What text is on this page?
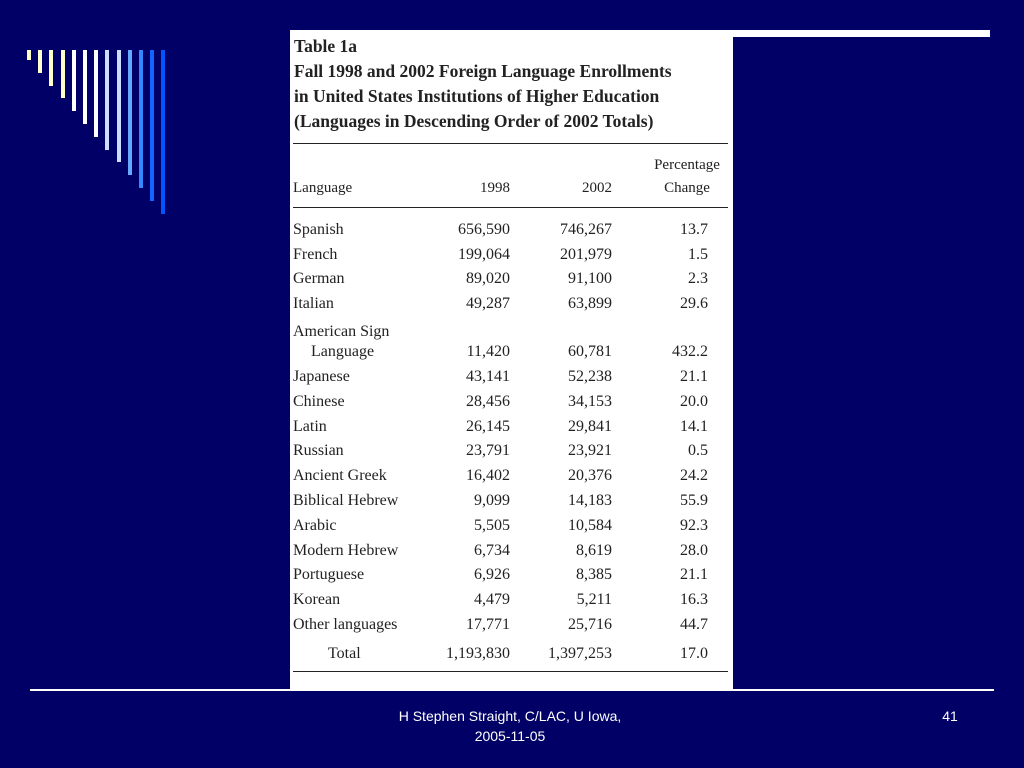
Table 1a
Fall 1998 and 2002 Foreign Language Enrollments
in United States Institutions of Higher Education
(Languages in Descending Order of 2002 Totals)
Language	1998	2002
Percentage
Change
Spanish	656,590	746,267	13.7
French	199,064	201,979	1.5
German	89,020	91,100	2.3
Italian	49,287	63,899	29.6
American Sign
Language	11,420	60,781	432.2
Japanese	43,141	52,238	21.1
Chinese	28,456	34,153	20.0
Latin	26,145	29,841	14.1
Russian	23,791	23,921	0.5
Ancient Greek	16,402	20,376	24.2
Biblical Hebrew	9,099	14,183	55.9
Arabic	5,505	10,584	92.3
Modern Hebrew	6,734	8,619	28.0
Portuguese	6,926	8,385	21.1
Korean	4,479	5,211	16.3
Other languages	17,771	25,716	44.7
Total	1,193,830 1,397,253	17.0
H Stephen Straight, C/LAC, U Iowa,
2005-11-05
41
